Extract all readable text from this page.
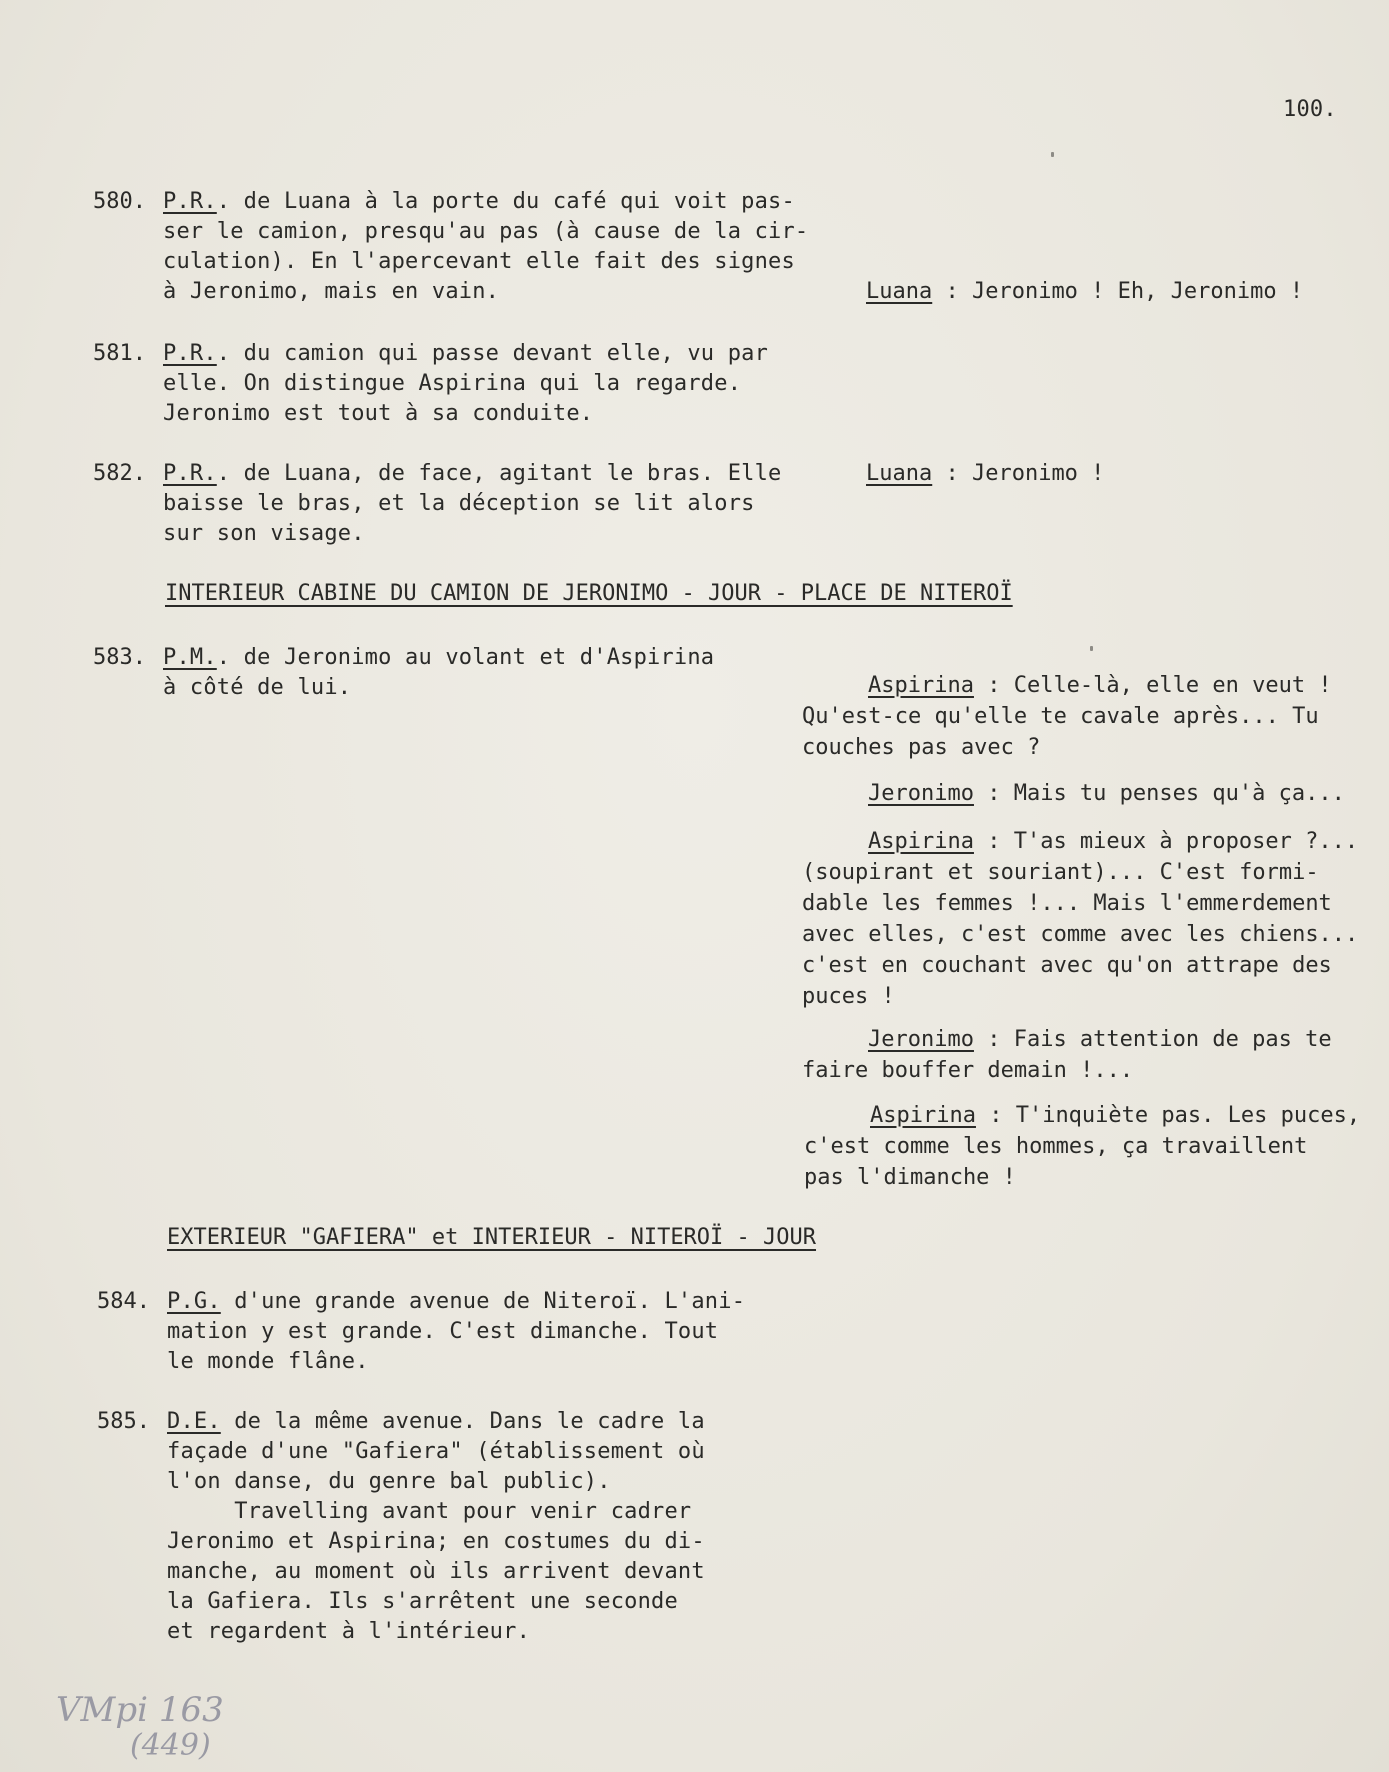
100.
580. P.R.. de Luana à la porte du café qui voit pas-
ser le camion, presqu'au pas (à cause de la cir-
culation). En l'apercevant elle fait des signes
à Jeronimo, mais en vain.	Luana : Jeronimo ! Eh, Jeronimo !
581. P.R.. du camion qui passe devant elle, vu par
elle. On distingue Aspirina qui la regarde.
Jeronimo est tout à sa conduite.
582. P.R.. de Luana, de face, agitant le bras. Elle
baisse le bras, et la déception se lit alors
sur son visage.
Luana : Jeronimo !
INTERIEUR CABINE DU CAMION DE JERONIMO - JOUR - PLACE DE NITEROÏ
583. P.M.. de Jeronimo au volant et d'Aspirina
à côté de lui.	Aspirina : Celle-là, elle en veut !
Qu'est-ce qu'elle te cavale après... Tu
couches pas avec ?
Jeronimo : Mais tu penses qu'à ça...
Aspirina : T'as mieux à proposer ?...
(soupirant et souriant)... C'est formi-
dable les femmes !... Mais l'emmerdement
avec elles, c'est comme avec les chiens...
c'est en couchant avec qu'on attrape des
puces !
Jeronimo : Fais attention de pas te
faire bouffer demain !...
Aspirina : T'inquiète pas. Les puces,
c'est comme les hommes, ça travaillent
pas l'dimanche !
EXTERIEUR "GAFIERA" et INTERIEUR - NITEROÏ - JOUR
584. P.G. d'une grande avenue de Niteroï. L'ani-
mation y est grande. C'est dimanche. Tout
le monde flâne.
585. D.E. de la même avenue. Dans le cadre la
façade d'une "Gafiera" (établissement où
l'on danse, du genre bal public).
Travelling avant pour venir cadrer
Jeronimo et Aspirina; en costumes du di-
manche, au moment où ils arrivent devant
la Gafiera. Ils s'arrêtent une seconde
et regardent à l'intérieur.
VMpi 163
(449)
